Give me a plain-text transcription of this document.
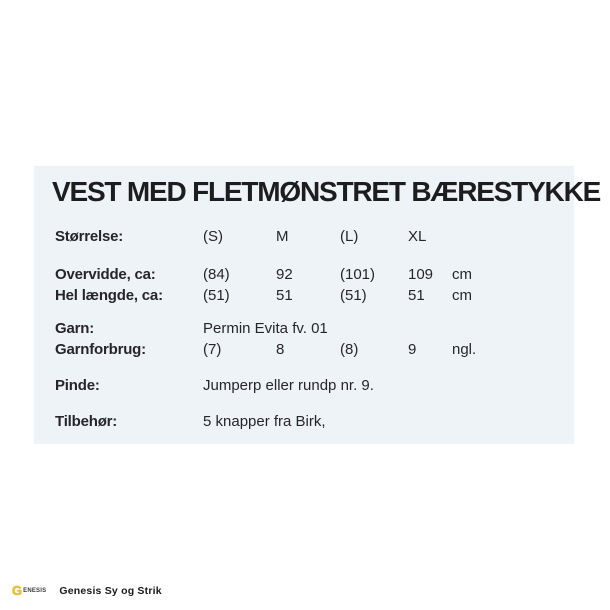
VEST MED FLETMØNSTRET BÆRESTYKKE
Størrelse:	(S)	M	(L)	XL
Overvidde, ca:	(84)	92	(101)	109	cm
Hel længde, ca:	(51)	51	(51)	51	cm
Garn:	Permin Evita fv. 01
Garnforbrug:	(7)	8	(8)	9	ngl.
Pinde:	Jumperp eller rundp nr. 9.
Tilbehør:	5 knapper fra Birk,
G ENESIS Genesis Sy og Strik
